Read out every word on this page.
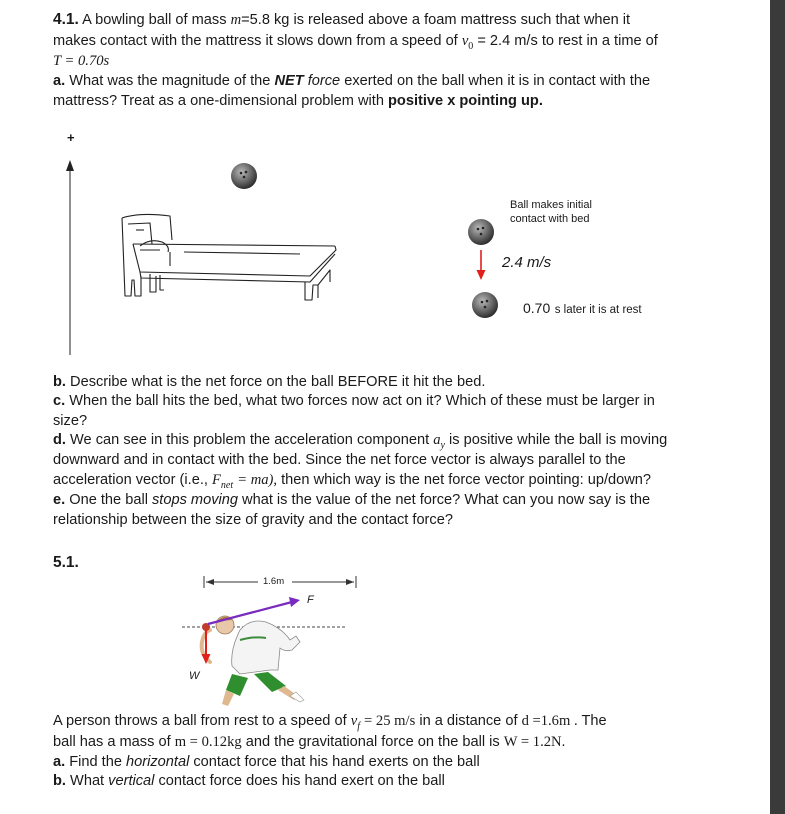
4.1. A bowling ball of mass m=5.8 kg is released above a foam mattress such that when it
makes contact with the mattress it slows down from a speed of $v_0 = 2.4$ m/s to rest in a time of
T = 0.70s
a. What was the magnitude of the NET force exerted on the ball when it is in contact with the
mattress? Treat as a one-dimensional problem with positive x pointing up.
+
Ball makes initial
contact with bed
2.4 m/s
0.70 s later it is at rest
b. Describe what is the net force on the ball BEFORE it hit the bed.
c. When the ball hits the bed, what two forces now act on it? Which of these must be larger in
size?
d. We can see in this problem the acceleration component $a_y$ is positive while the ball is moving
downward and in contact with the bed. Since the net force vector is always parallel to the
acceleration vector (i.e., $F_{net} = ma$), then which way is the net force vector pointing: up/down?
e. One the ball stops moving what is the value of the net force? What can you now say is the
relationship between the size of gravity and the contact force?
5.1.
1.6m
F
W
A person throws a ball from rest to a speed of $v_f = 25$ m/s in a distance of d =1.6m . The
ball has a mass of m = 0.12kg and the gravitational force on the ball is W = 1.2N.
a. Find the horizontal contact force that his hand exerts on the ball
b. What vertical contact force does his hand exert on the ball
